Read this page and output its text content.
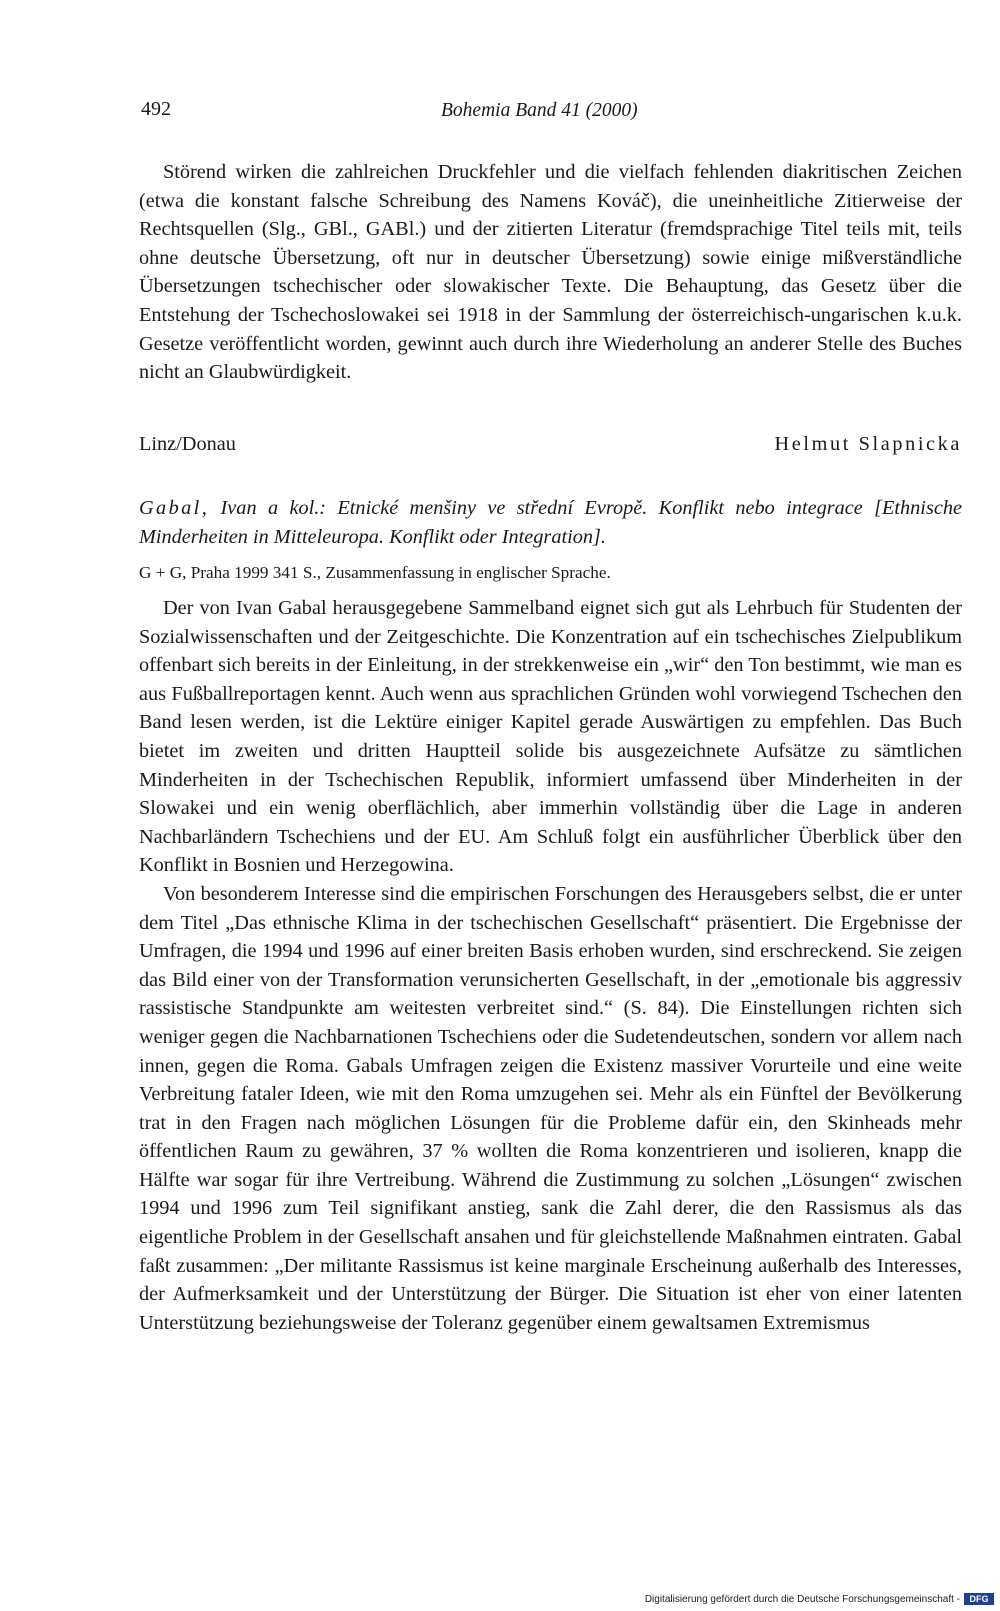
492	Bohemia Band 41 (2000)

Störend wirken die zahlreichen Druckfehler und die vielfach fehlenden diakritischen Zeichen (etwa die konstant falsche Schreibung des Namens Kováč), die uneinheitliche Zitierweise der Rechtsquellen (Slg., GBl., GABl.) und der zitierten Literatur (fremdsprachige Titel teils mit, teils ohne deutsche Übersetzung, oft nur in deutscher Übersetzung) sowie einige mißverständliche Übersetzungen tschechischer oder slowakischer Texte. Die Behauptung, das Gesetz über die Entstehung der Tschechoslowakei sei 1918 in der Sammlung der österreichisch-ungarischen k.u.k. Gesetze veröffentlicht worden, gewinnt auch durch ihre Wiederholung an anderer Stelle des Buches nicht an Glaubwürdigkeit.

Linz/Donau	Helmut Slapnicka
Gabal, Ivan a kol.: Etnické menšiny ve střední Evropě. Konflikt nebo integrace [Ethnische Minderheiten in Mitteleuropa. Konflikt oder Integration].
G + G, Praha 1999 341 S., Zusammenfassung in englischer Sprache.

Der von Ivan Gabal herausgegebene Sammelband eignet sich gut als Lehrbuch für Studenten der Sozialwissenschaften und der Zeitgeschichte. Die Konzentration auf ein tschechisches Zielpublikum offenbart sich bereits in der Einleitung, in der strekkenweise ein „wir“ den Ton bestimmt, wie man es aus Fußballreportagen kennt. Auch wenn aus sprachlichen Gründen wohl vorwiegend Tschechen den Band lesen werden, ist die Lektüre einiger Kapitel gerade Auswärtigen zu empfehlen. Das Buch bietet im zweiten und dritten Hauptteil solide bis ausgezeichnete Aufsätze zu sämtlichen Minderheiten in der Tschechischen Republik, informiert umfassend über Minderheiten in der Slowakei und ein wenig oberflächlich, aber immerhin vollständig über die Lage in anderen Nachbarländern Tschechiens und der EU. Am Schluß folgt ein ausführlicher Überblick über den Konflikt in Bosnien und Herzegowina.

Von besonderem Interesse sind die empirischen Forschungen des Herausgebers selbst, die er unter dem Titel „Das ethnische Klima in der tschechischen Gesellschaft“ präsentiert. Die Ergebnisse der Umfragen, die 1994 und 1996 auf einer breiten Basis erhoben wurden, sind erschreckend. Sie zeigen das Bild einer von der Transformation verunsicherten Gesellschaft, in der „emotionale bis aggressiv rassistische Standpunkte am weitesten verbreitet sind.“ (S. 84). Die Einstellungen richten sich weniger gegen die Nachbarnationen Tschechiens oder die Sudetendeutschen, sondern vor allem nach innen, gegen die Roma. Gabals Umfragen zeigen die Existenz massiver Vorurteile und eine weite Verbreitung fataler Ideen, wie mit den Roma umzugehen sei. Mehr als ein Fünftel der Bevölkerung trat in den Fragen nach möglichen Lösungen für die Probleme dafür ein, den Skinheads mehr öffentlichen Raum zu gewähren, 37 % wollten die Roma konzentrieren und isolieren, knapp die Hälfte war sogar für ihre Vertreibung. Während die Zustimmung zu solchen „Lösungen“ zwischen 1994 und 1996 zum Teil signifikant anstieg, sank die Zahl derer, die den Rassismus als das eigentliche Problem in der Gesellschaft ansahen und für gleichstellende Maßnahmen eintraten. Gabal faßt zusammen: „Der militante Rassismus ist keine marginale Erscheinung außerhalb des Interesses, der Aufmerksamkeit und der Unterstützung der Bürger. Die Situation ist eher von einer latenten Unterstützung beziehungsweise der Toleranz gegenüber einem gewaltsamen Extremismus

Digitalisierung gefördert durch die Deutsche Forschungsgemeinschaft -	DFG
